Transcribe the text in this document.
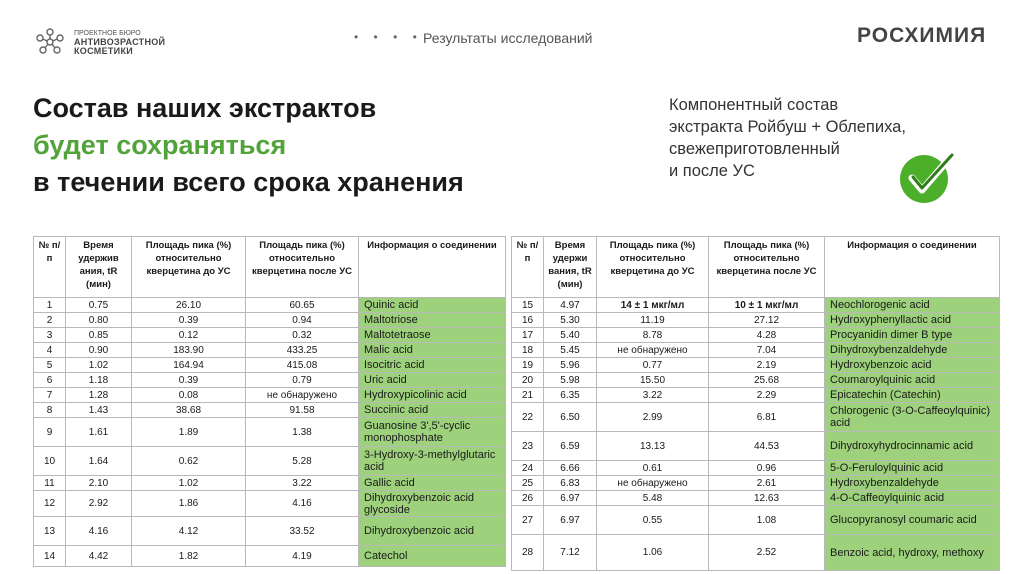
ПРОЕКТНОЕ БЮРО
АНТИВОЗРАСТНОЙ
КОСМЕТИКИ
• • • • Результаты исследований	РОСХИМИЯ
Состав наших экстрактов
будет сохраняться
в течении всего срока хранения
Компонентный состав
экстракта Ройбуш + Облепиха,
свежеприготовленный
и после УС
№ п/п	Время удержив ания, tR (мин)	Площадь пика (%) относительно кверцетина до УС	Площадь пика (%) относительно кверцетина после УС	Информация о соединении
1	0.75	26.10	60.65	Quinic acid
2	0.80	0.39	0.94	Maltotriose
3	0.85	0.12	0.32	Maltotetraose
4	0.90	183.90	433.25	Malic acid
5	1.02	164.94	415.08	Isocitric acid
6	1.18	0.39	0.79	Uric acid
7	1.28	0.08	не обнаружено	Hydroxypicolinic acid
8	1.43	38.68	91.58	Succinic acid
9	1.61	1.89	1.38	Guanosine 3',5'-cyclic monophosphate
10	1.64	0.62	5.28	3-Hydroxy-3-methylglutaric acid
11	2.10	1.02	3.22	Gallic acid
12	2.92	1.86	4.16	Dihydroxybenzoic acid glycoside
13	4.16	4.12	33.52	Dihydroxybenzoic acid
14	4.42	1.82	4.19	Catechol
№ п/п	Время удержи вания, tR (мин)	Площадь пика (%) относительно кверцетина до УС	Площадь пика (%) относительно кверцетина после УС	Информация о соединении
15	4.97	14 ± 1 мкг/мл	10 ± 1 мкг/мл	Neochlorogenic acid
16	5.30	11.19	27.12	Hydroxyphenyllactic acid
17	5.40	8.78	4.28	Procyanidin dimer B type
18	5.45	не обнаружено	7.04	Dihydroxybenzaldehyde
19	5.96	0.77	2.19	Hydroxybenzoic acid
20	5.98	15.50	25.68	Coumaroylquinic acid
21	6.35	3.22	2.29	Epicatechin (Catechin)
22	6.50	2.99	6.81	Chlorogenic (3-O-Caffeoylquinic) acid
23	6.59	13.13	44.53	Dihydroxyhydrocinnamic acid
24	6.66	0.61	0.96	5-O-Feruloylquinic acid
25	6.83	не обнаружено	2.61	Hydroxybenzaldehyde
26	6.97	5.48	12.63	4-O-Caffeoylquinic acid
27	6.97	0.55	1.08	Glucopyranosyl coumaric acid
28	7.12	1.06	2.52	Benzoic acid, hydroxy, methoxy
